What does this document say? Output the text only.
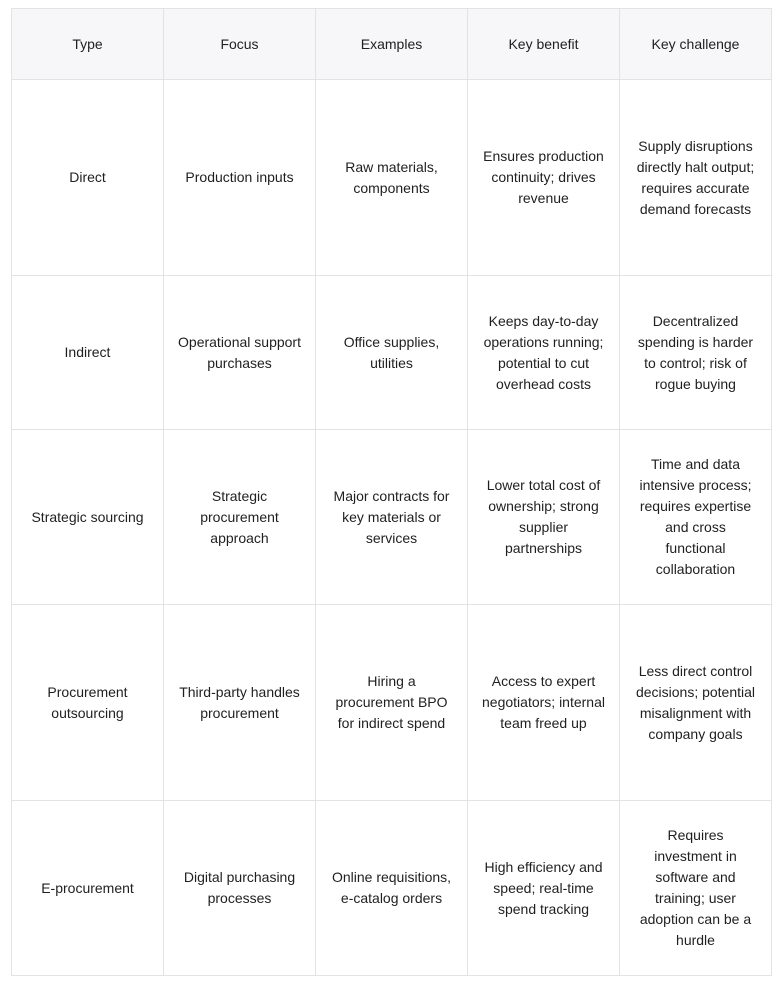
Type	Focus	Examples	Key benefit	Key challenge
Direct	Production inputs	Raw materials, components	Ensures production continuity; drives revenue	Supply disruptions directly halt output; requires accurate demand forecasts
Indirect	Operational support purchases	Office supplies, utilities	Keeps day-to-day operations running; potential to cut overhead costs	Decentralized spending is harder to control; risk of rogue buying
Strategic sourcing	Strategic procurement approach	Major contracts for key materials or services	Lower total cost of ownership; strong supplier partnerships	Time and data intensive process; requires expertise and cross functional collaboration
Procurement outsourcing	Third-party handles procurement	Hiring a procurement BPO for indirect spend	Access to expert negotiators; internal team freed up	Less direct control decisions; potential misalignment with company goals
E-procurement	Digital purchasing processes	Online requisitions, e-catalog orders	High efficiency and speed; real-time spend tracking	Requires investment in software and training; user adoption can be a hurdle
